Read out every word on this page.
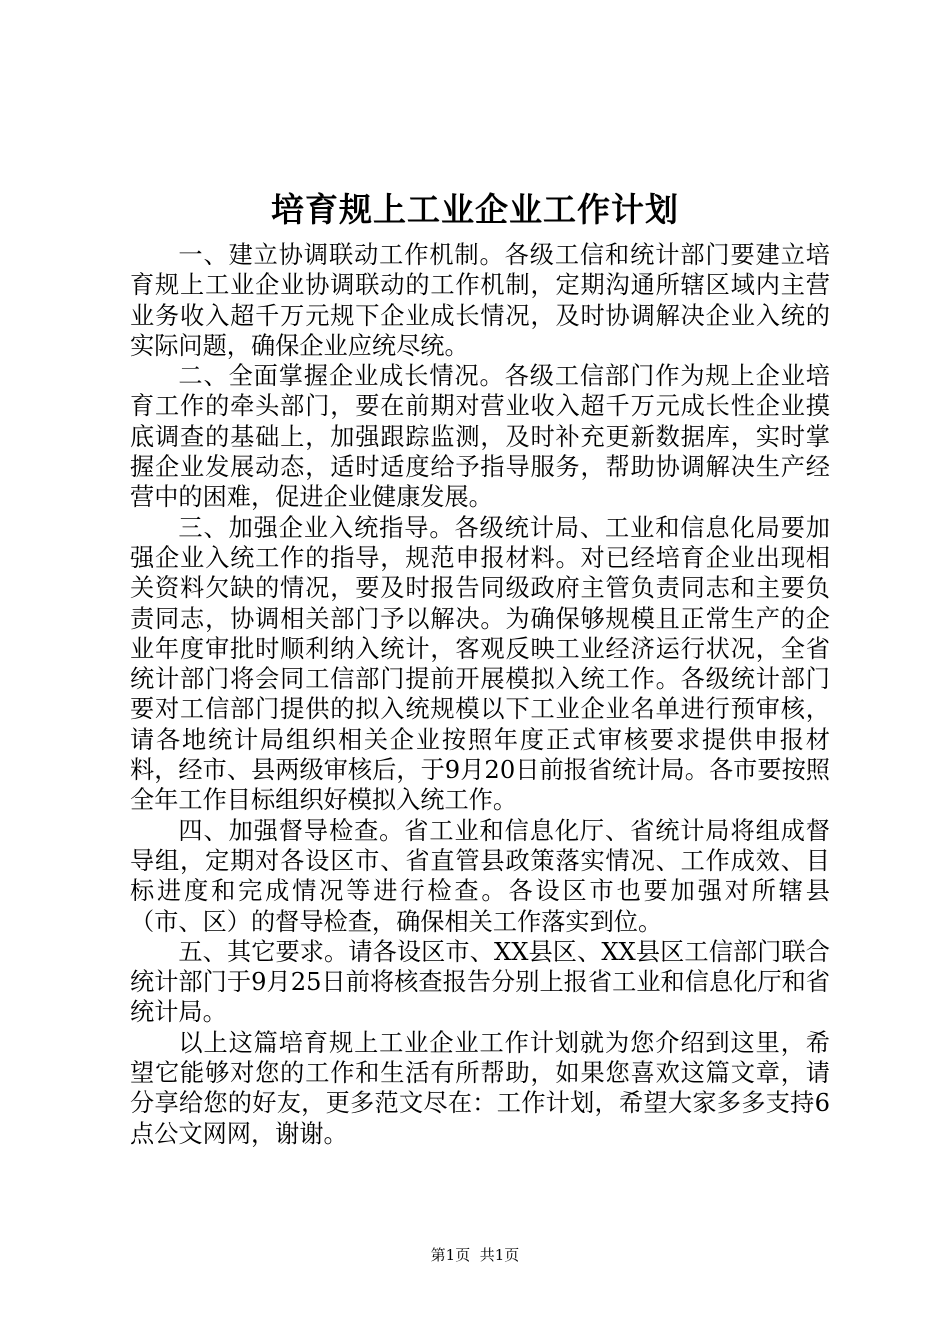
培育规上工业企业工作计划

一、建立协调联动工作机制。各级工信和统计部门要建立培育规上工业企业协调联动的工作机制，定期沟通所辖区域内主营业务收入超千万元规下企业成长情况，及时协调解决企业入统的实际问题，确保企业应统尽统。

二、全面掌握企业成长情况。各级工信部门作为规上企业培育工作的牵头部门，要在前期对营业收入超千万元成长性企业摸底调查的基础上，加强跟踪监测，及时补充更新数据库，实时掌握企业发展动态，适时适度给予指导服务，帮助协调解决生产经营中的困难，促进企业健康发展。

三、加强企业入统指导。各级统计局、工业和信息化局要加强企业入统工作的指导，规范申报材料。对已经培育企业出现相关资料欠缺的情况，要及时报告同级政府主管负责同志和主要负责同志，协调相关部门予以解决。为确保够规模且正常生产的企业年度审批时顺利纳入统计，客观反映工业经济运行状况，全省统计部门将会同工信部门提前开展模拟入统工作。各级统计部门要对工信部门提供的拟入统规模以下工业企业名单进行预审核，请各地统计局组织相关企业按照年度正式审核要求提供申报材料，经市、县两级审核后，于9月20日前报省统计局。各市要按照全年工作目标组织好模拟入统工作。

四、加强督导检查。省工业和信息化厅、省统计局将组成督导组，定期对各设区市、省直管县政策落实情况、工作成效、目标进度和完成情况等进行检查。各设区市也要加强对所辖县（市、区）的督导检查，确保相关工作落实到位。

五、其它要求。请各设区市、XX县区、XX县区工信部门联合统计部门于9月25日前将核查报告分别上报省工业和信息化厅和省统计局。

以上这篇培育规上工业企业工作计划就为您介绍到这里，希望它能够对您的工作和生活有所帮助，如果您喜欢这篇文章，请分享给您的好友，更多范文尽在：工作计划，希望大家多多支持6点公文网网，谢谢。

第1页 共1页
